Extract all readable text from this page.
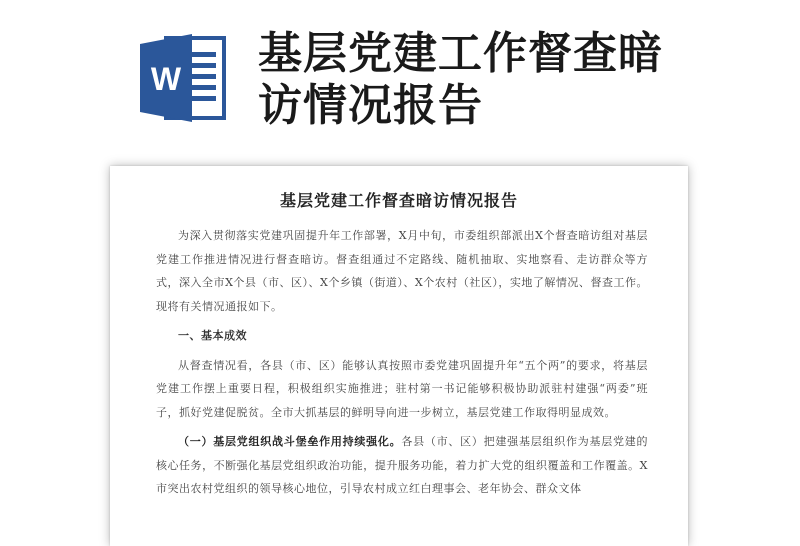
W 基层党建工作督查暗访情况报告
基层党建工作督查暗访情况报告

为深入贯彻落实党建巩固提升年工作部署，X月中旬，市委组织部派出X个督查暗访组对基层党建工作推进情况进行督查暗访。督查组通过不定路线、随机抽取、实地察看、走访群众等方式，深入全市X个县（市、区）、X个乡镇（街道）、X个农村（社区），实地了解情况、督查工作。现将有关情况通报如下。

一、基本成效

从督查情况看，各县（市、区）能够认真按照市委党建巩固提升年“五个两”的要求，将基层党建工作摆上重要日程，积极组织实施推进；驻村第一书记能够积极协助派驻村建强“两委”班子，抓好党建促脱贫。全市大抓基层的鲜明导向进一步树立，基层党建工作取得明显成效。

（一）基层党组织战斗堡垒作用持续强化。各县（市、区）把建强基层组织作为基层党建的核心任务，不断强化基层党组织政治功能，提升服务功能，着力扩大党的组织覆盖和工作覆盖。X市突出农村党组织的领导核心地位，引导农村成立红白理事会、老年协会、群众文体
